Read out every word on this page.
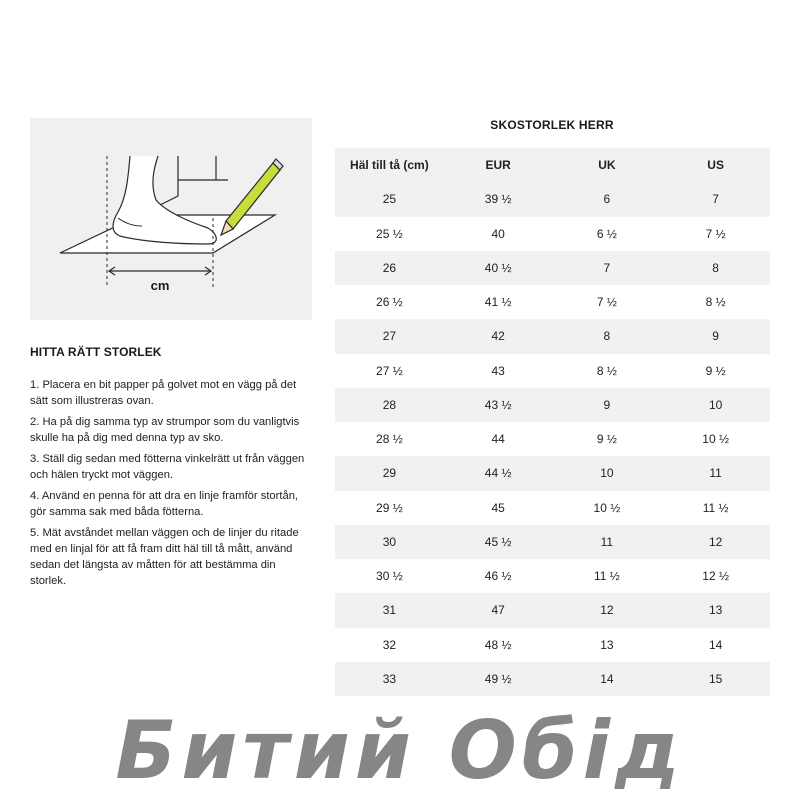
cm
HITTA RÄTT STORLEK
1. Placera en bit papper på golvet mot en vägg på det sätt som illustreras ovan.
2. Ha på dig samma typ av strumpor som du vanligtvis skulle ha på dig med denna typ av sko.
3. Ställ dig sedan med fötterna vinkelrätt ut från väggen och hälen tryckt mot väggen.
4. Använd en penna för att dra en linje framför stortån, gör samma sak med båda fötterna.
5. Mät avståndet mellan väggen och de linjer du ritade med en linjal för att få fram ditt häl till tå mått, använd sedan det längsta av måtten för att bestämma din storlek.
SKOSTORLEK HERR
Häl till tå (cm)	EUR	UK	US
25	39 ½	6	7
25 ½	40	6 ½	7 ½
26	40 ½	7	8
26 ½	41 ½	7 ½	8 ½
27	42	8	9
27 ½	43	8 ½	9 ½
28	43 ½	9	10
28 ½	44	9 ½	10 ½
29	44 ½	10	11
29 ½	45	10 ½	11 ½
30	45 ½	11	12
30 ½	46 ½	11 ½	12 ½
31	47	12	13
32	48 ½	13	14
33	49 ½	14	15
Битий Обід
